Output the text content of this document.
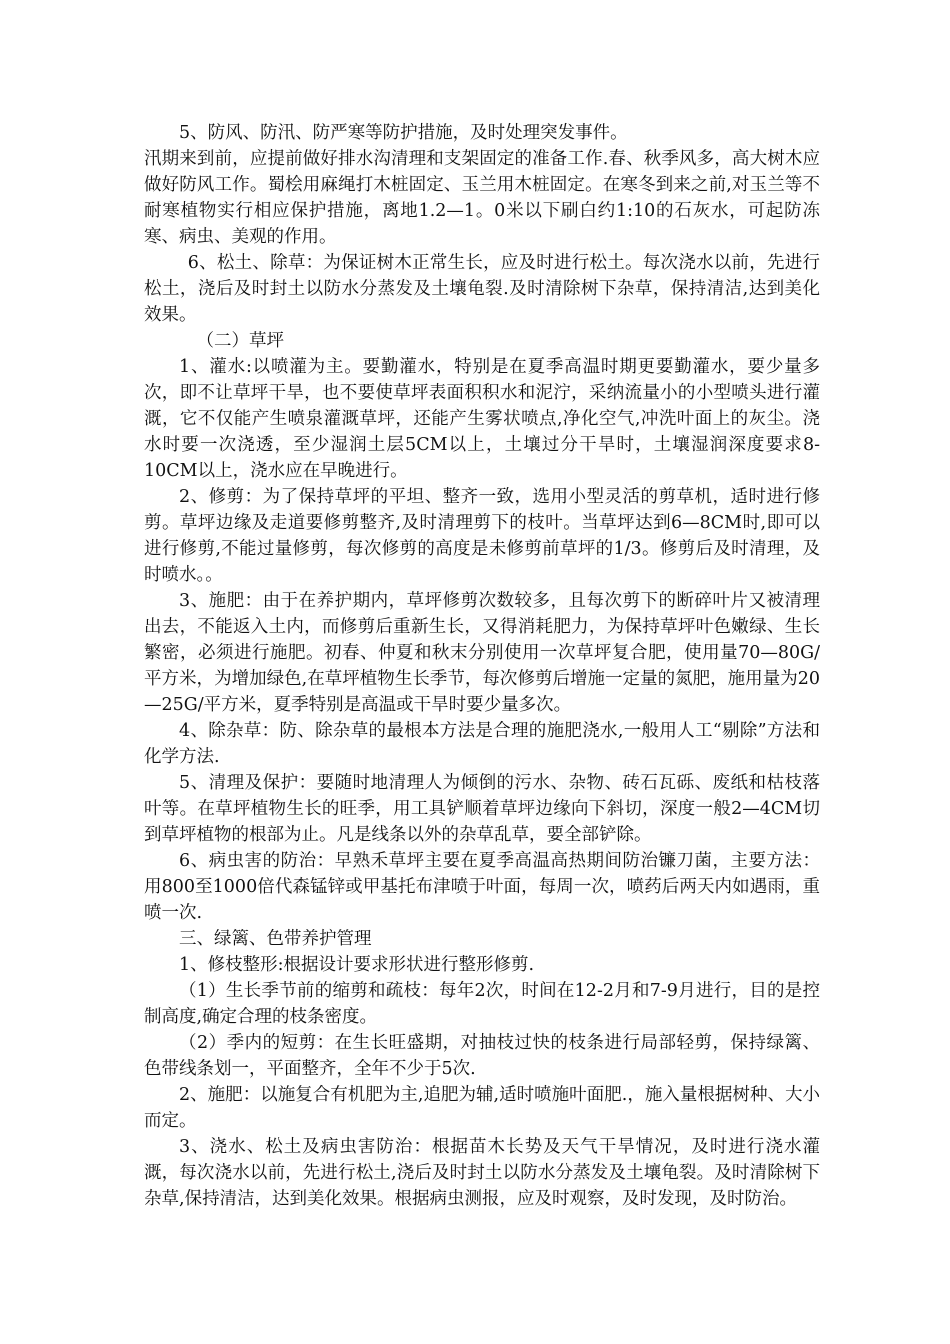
5、防风、防汛、防严寒等防护措施，及时处理突发事件。

汛期来到前，应提前做好排水沟清理和支架固定的准备工作.春、秋季风多，高大树木应做好防风工作。蜀桧用麻绳打木桩固定、玉兰用木桩固定。在寒冬到来之前,对玉兰等不耐寒植物实行相应保护措施，离地1.2—1。0米以下刷白约1:10的石灰水，可起防冻寒、病虫、美观的作用。

6、松土、除草：为保证树木正常生长，应及时进行松土。每次浇水以前，先进行松土，浇后及时封土以防水分蒸发及土壤龟裂.及时清除树下杂草，保持清洁,达到美化效果。

（二）草坪

1、灌水:以喷灌为主。要勤灌水，特别是在夏季高温时期更要勤灌水，要少量多次，即不让草坪干旱，也不要使草坪表面积积水和泥泞，采纳流量小的小型喷头进行灌溉，它不仅能产生喷泉灌溉草坪，还能产生雾状喷点,净化空气,冲洗叶面上的灰尘。浇水时要一次浇透，至少湿润土层5CM以上，土壤过分干旱时，土壤湿润深度要求8-10CM以上，浇水应在早晚进行。

2、修剪：为了保持草坪的平坦、整齐一致，选用小型灵活的剪草机，适时进行修剪。草坪边缘及走道要修剪整齐,及时清理剪下的枝叶。当草坪达到6—8CM时,即可以进行修剪,不能过量修剪，每次修剪的高度是未修剪前草坪的1/3。修剪后及时清理，及时喷水。。

3、施肥：由于在养护期内，草坪修剪次数较多，且每次剪下的断碎叶片又被清理出去，不能返入土内，而修剪后重新生长，又得消耗肥力，为保持草坪叶色嫩绿、生长繁密，必须进行施肥。初春、仲夏和秋末分别使用一次草坪复合肥，使用量70—80G/平方米，为增加绿色,在草坪植物生长季节，每次修剪后增施一定量的氮肥，施用量为20—25G/平方米，夏季特别是高温或干旱时要少量多次。

4、除杂草：防、除杂草的最根本方法是合理的施肥浇水,一般用人工“剔除”方法和化学方法.

5、清理及保护：要随时地清理人为倾倒的污水、杂物、砖石瓦砾、废纸和枯枝落叶等。在草坪植物生长的旺季，用工具铲顺着草坪边缘向下斜切，深度一般2—4CM切到草坪植物的根部为止。凡是线条以外的杂草乱草，要全部铲除。

6、病虫害的防治：早熟禾草坪主要在夏季高温高热期间防治镰刀菌，主要方法：用800至1000倍代森锰锌或甲基托布津喷于叶面，每周一次，喷药后两天内如遇雨，重喷一次.

三、绿篱、色带养护管理

1、修枝整形:根据设计要求形状进行整形修剪.

（1）生长季节前的缩剪和疏枝：每年2次，时间在12-2月和7-9月进行，目的是控制高度,确定合理的枝条密度。

（2）季内的短剪：在生长旺盛期，对抽枝过快的枝条进行局部轻剪，保持绿篱、色带线条划一，平面整齐，全年不少于5次.

2、施肥：以施复合有机肥为主,追肥为辅,适时喷施叶面肥.，施入量根据树种、大小而定。

3、浇水、松土及病虫害防治：根据苗木长势及天气干旱情况，及时进行浇水灌溉，每次浇水以前，先进行松土,浇后及时封土以防水分蒸发及土壤龟裂。及时清除树下杂草,保持清洁，达到美化效果。根据病虫测报，应及时观察，及时发现，及时防治。
